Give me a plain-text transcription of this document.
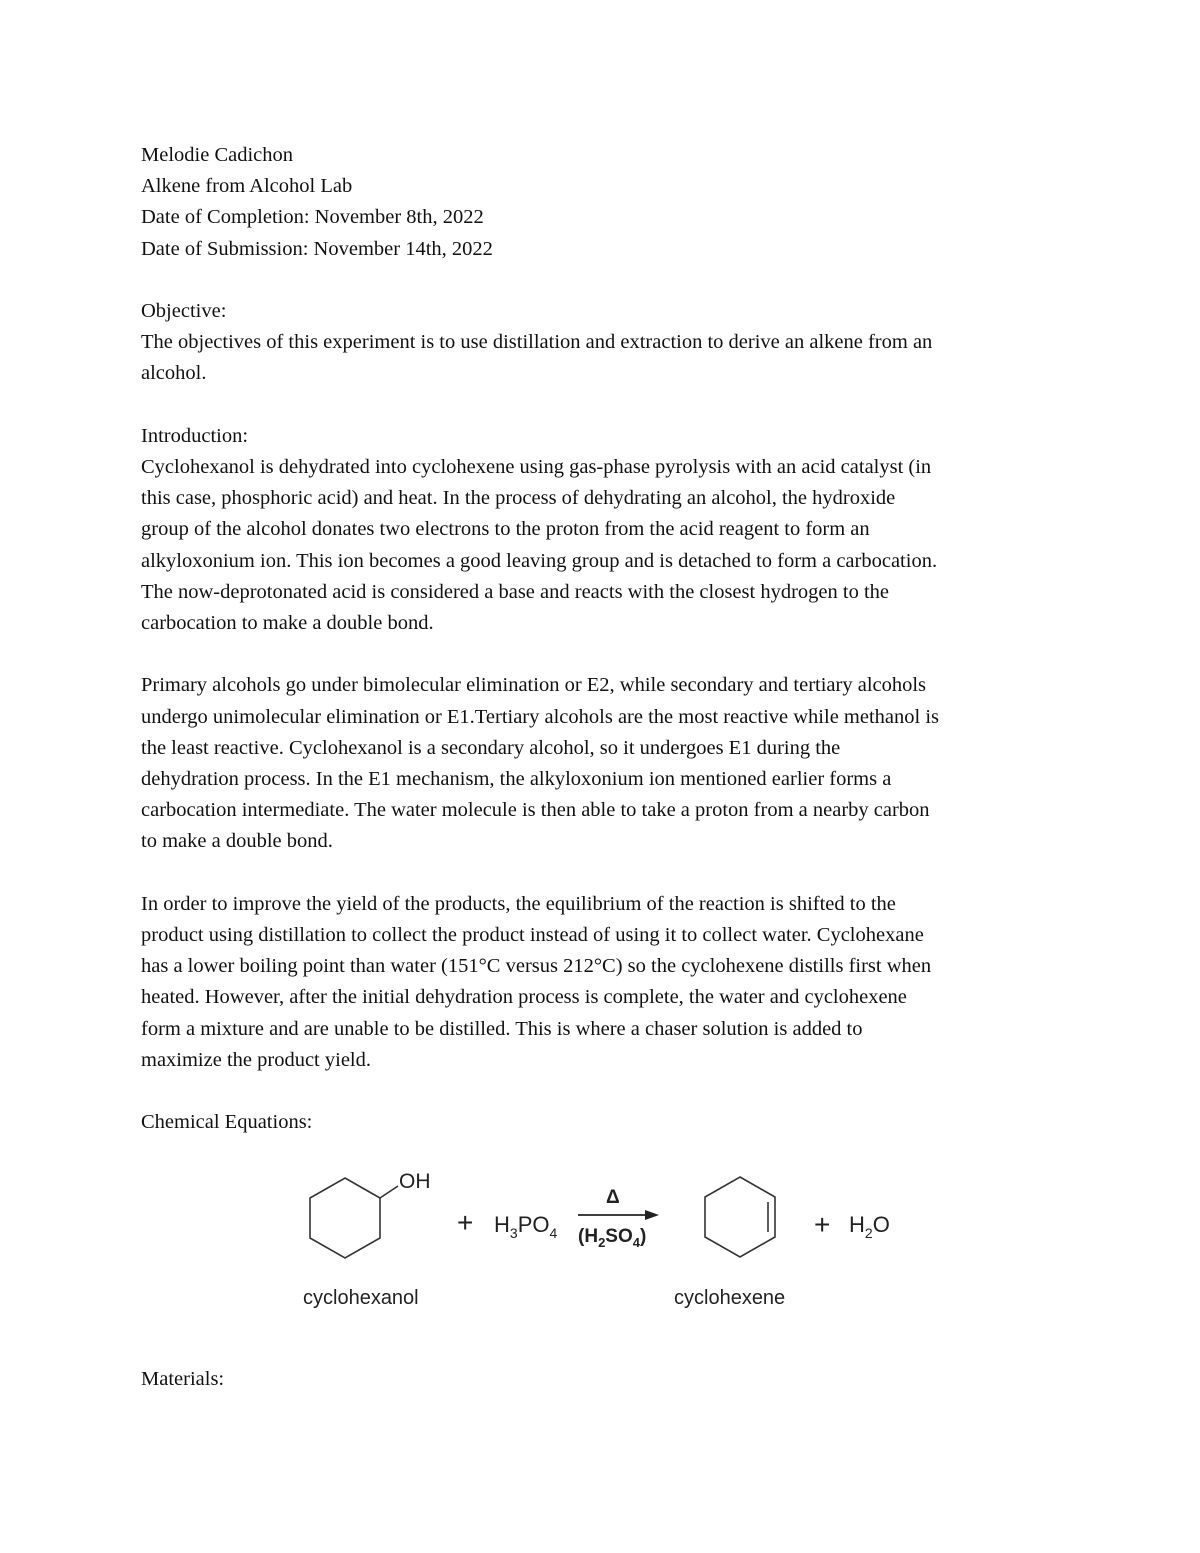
Melodie Cadichon
Alkene from Alcohol Lab
Date of Completion: November 8th, 2022
Date of Submission: November 14th, 2022
Objective:
The objectives of this experiment is to use distillation and extraction to derive an alkene from an
alcohol.
Introduction:
Cyclohexanol is dehydrated into cyclohexene using gas-phase pyrolysis with an acid catalyst (in
this case, phosphoric acid) and heat. In the process of dehydrating an alcohol, the hydroxide
group of the alcohol donates two electrons to the proton from the acid reagent to form an
alkyloxonium ion. This ion becomes a good leaving group and is detached to form a carbocation.
The now-deprotonated acid is considered a base and reacts with the closest hydrogen to the
carbocation to make a double bond.
Primary alcohols go under bimolecular elimination or E2, while secondary and tertiary alcohols
undergo unimolecular elimination or E1.Tertiary alcohols are the most reactive while methanol is
the least reactive. Cyclohexanol is a secondary alcohol, so it undergoes E1 during the
dehydration process. In the E1 mechanism, the alkyloxonium ion mentioned earlier forms a
carbocation intermediate. The water molecule is then able to take a proton from a nearby carbon
to make a double bond.
In order to improve the yield of the products, the equilibrium of the reaction is shifted to the
product using distillation to collect the product instead of using it to collect water. Cyclohexane
has a lower boiling point than water (151°C versus 212°C) so the cyclohexene distills first when
heated. However, after the initial dehydration process is complete, the water and cyclohexene
form a mixture and are unable to be distilled. This is where a chaser solution is added to
maximize the product yield.
Chemical Equations:
OH
+ $H_3PO_4$
Δ
$(H_2SO_4)$	+ $H_2O$
cyclohexanol	cyclohexene
Materials:
